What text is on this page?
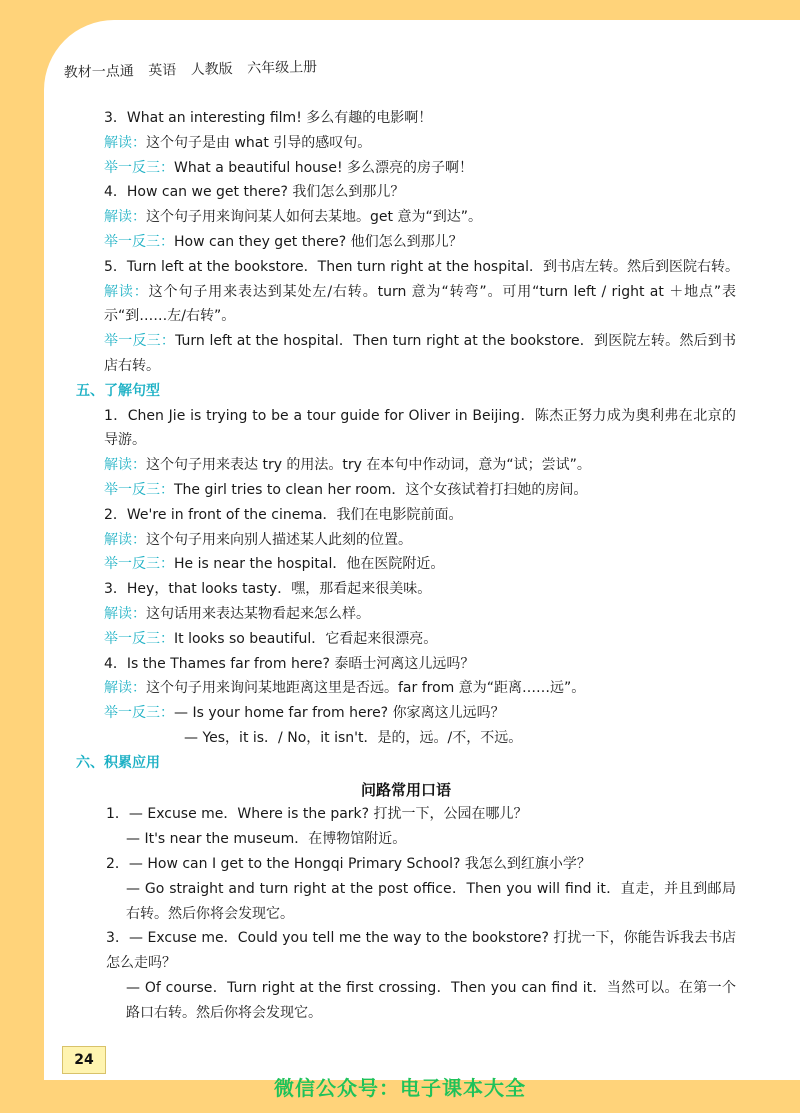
教材一点通 英语 人教版 六年级上册
3．What an interesting film! 多么有趣的电影啊！
解读：这个句子是由 what 引导的感叹句。
举一反三：What a beautiful house! 多么漂亮的房子啊！
4．How can we get there? 我们怎么到那儿？
解读：这个句子用来询问某人如何去某地。get 意为“到达”。
举一反三：How can they get there? 他们怎么到那儿？
5．Turn left at the bookstore．Then turn right at the hospital．到书店左转。然后到医院右转。
解读：这个句子用来表达到某处左/右转。turn 意为“转弯”。可用“turn left / right at ＋地点”表示“到……左/右转”。
举一反三：Turn left at the hospital．Then turn right at the bookstore．到医院左转。然后到书店右转。
五、了解句型
1．Chen Jie is trying to be a tour guide for Oliver in Beijing．陈杰正努力成为奥利弗在北京的导游。
解读：这个句子用来表达 try 的用法。try 在本句中作动词，意为“试；尝试”。
举一反三：The girl tries to clean her room．这个女孩试着打扫她的房间。
2．We're in front of the cinema．我们在电影院前面。
解读：这个句子用来向别人描述某人此刻的位置。
举一反三：He is near the hospital．他在医院附近。
3．Hey，that looks tasty．嘿，那看起来很美味。
解读：这句话用来表达某物看起来怎么样。
举一反三：It looks so beautiful．它看起来很漂亮。
4．Is the Thames far from here? 泰晤士河离这儿远吗？
解读：这个句子用来询问某地距离这里是否远。far from 意为“距离……远”。
举一反三：— Is your home far from here? 你家离这儿远吗？
— Yes，it is．/ No，it isn't．是的，远。/不，不远。
六、积累应用
问路常用口语
1．— Excuse me．Where is the park? 打扰一下，公园在哪儿？
— It's near the museum．在博物馆附近。
2．— How can I get to the Hongqi Primary School? 我怎么到红旗小学？
— Go straight and turn right at the post office．Then you will find it．直走，并且到邮局右转。然后你将会发现它。
3．— Excuse me．Could you tell me the way to the bookstore? 打扰一下，你能告诉我去书店怎么走吗？
— Of course．Turn right at the first crossing．Then you can find it．当然可以。在第一个路口右转。然后你将会发现它。
24
微信公众号：电子课本大全
